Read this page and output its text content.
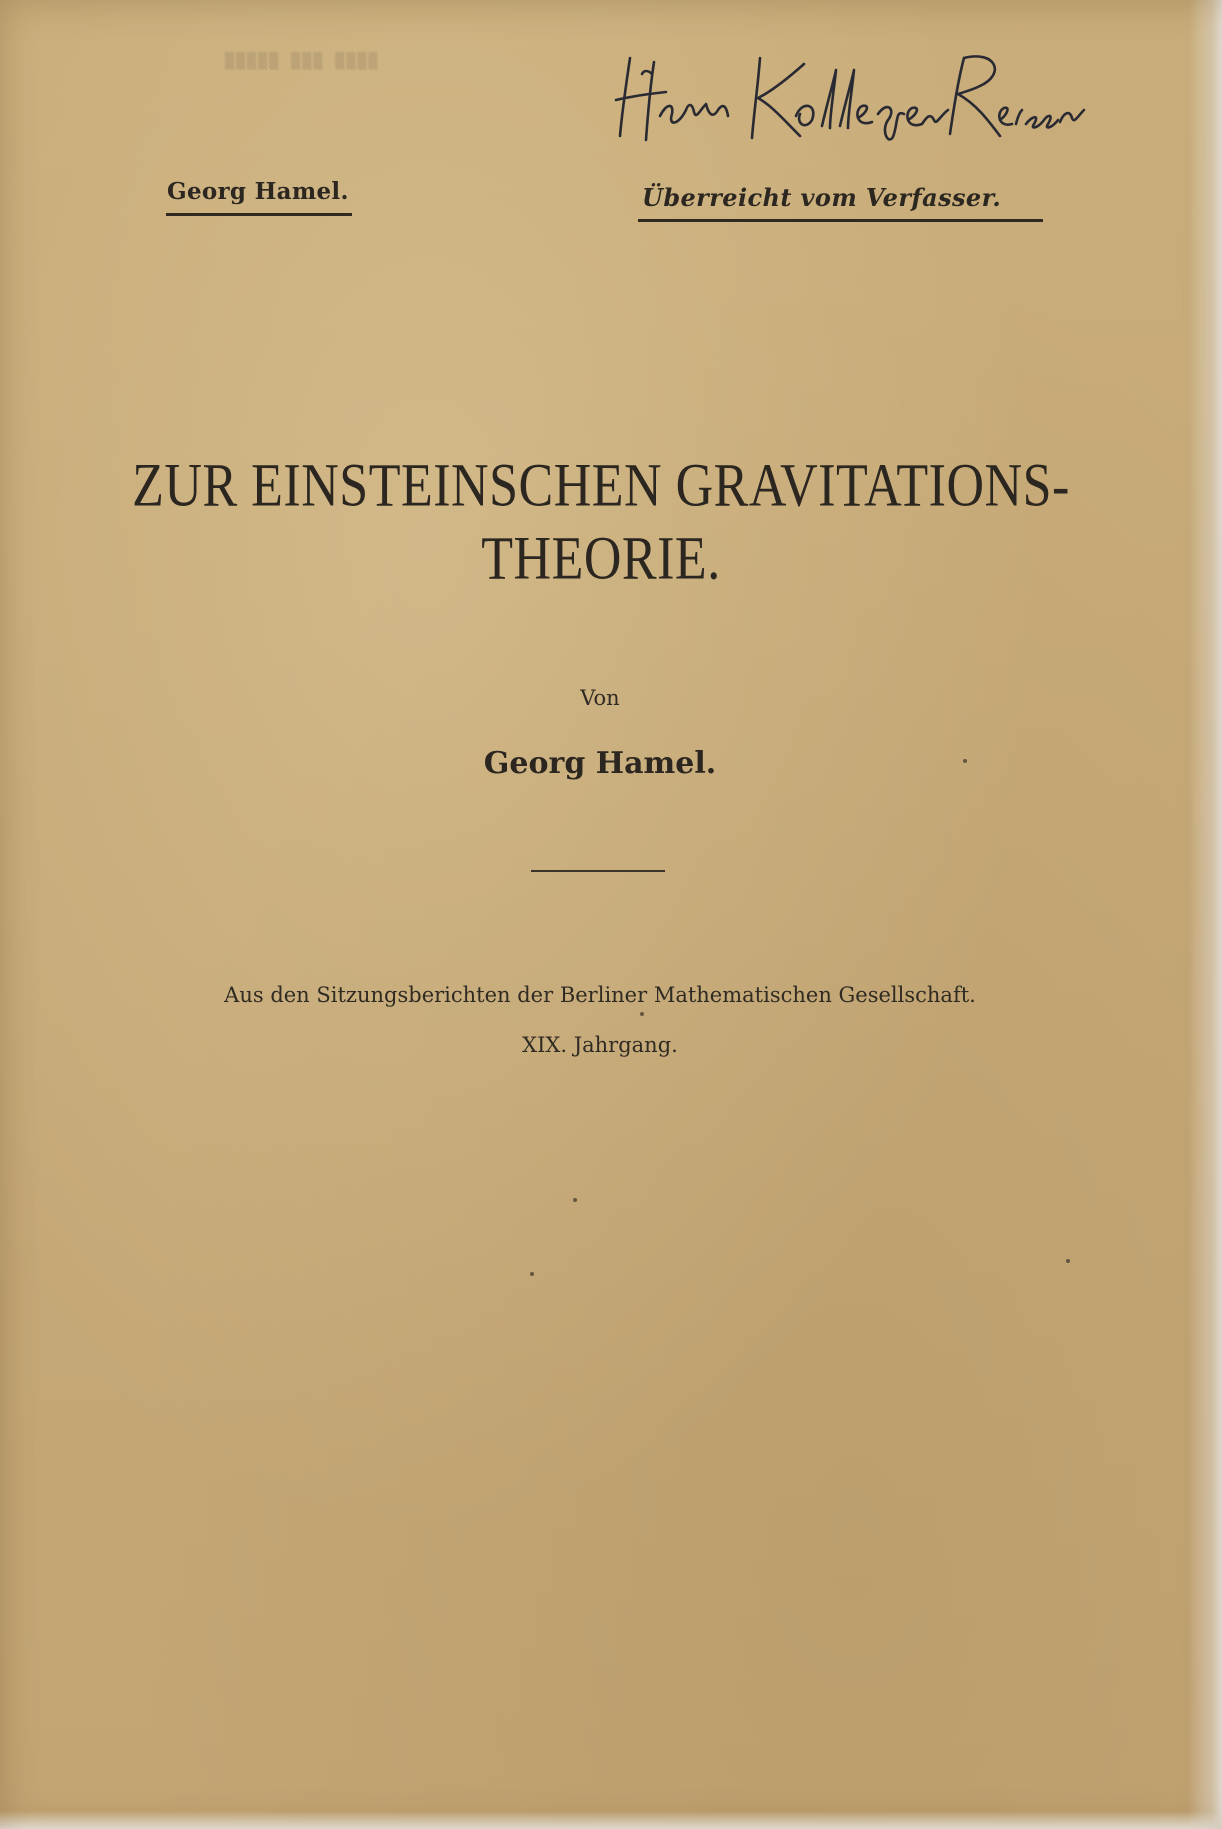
▒▒▒▒▒ ▒▒▒ ▒▒▒▒
Georg Hamel.	Überreicht vom Verfasser.
ZUR EINSTEINSCHEN GRAVITATIONS-
THEORIE.
Von
Georg Hamel.
Aus den Sitzungsberichten der Berliner Mathematischen Gesellschaft.
XIX. Jahrgang.
